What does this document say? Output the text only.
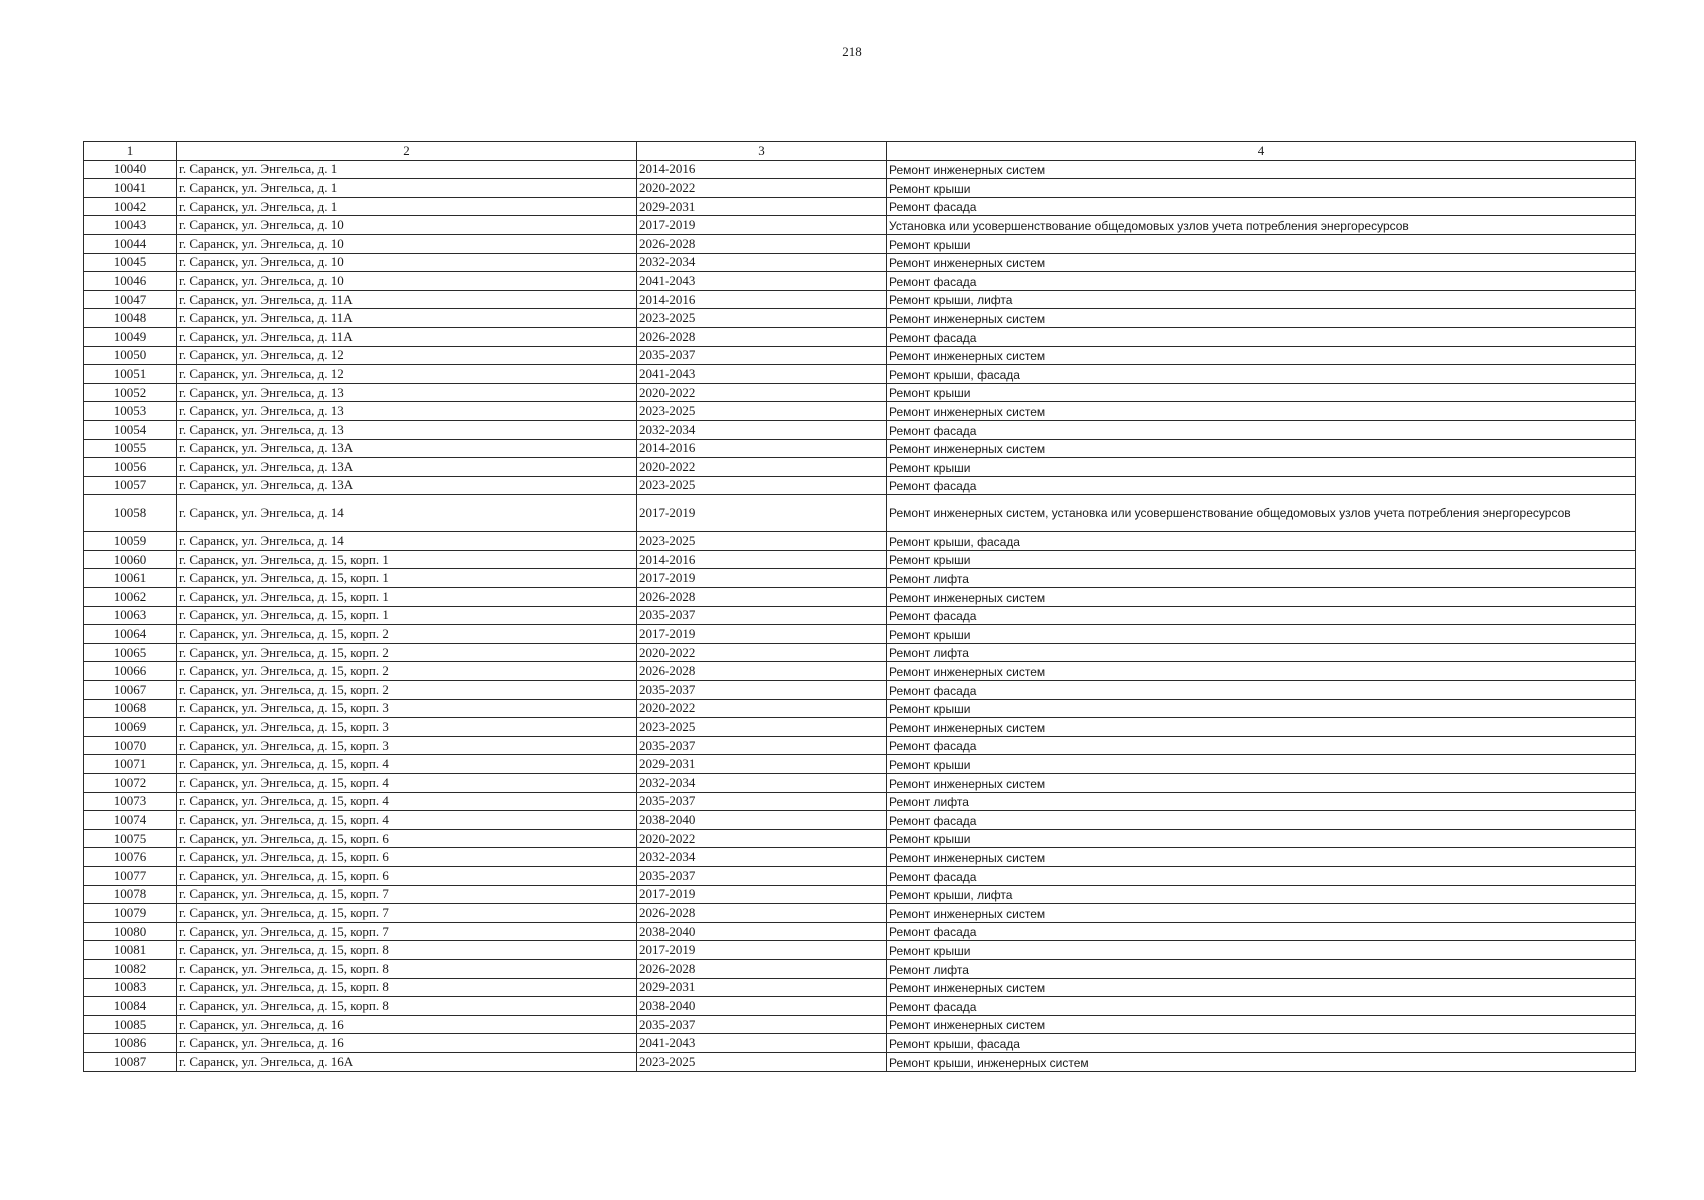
218
1	2	3	4
10040	г. Саранск, ул. Энгельса, д. 1	2014-2016	Ремонт инженерных систем
10041	г. Саранск, ул. Энгельса, д. 1	2020-2022	Ремонт крыши
10042	г. Саранск, ул. Энгельса, д. 1	2029-2031	Ремонт фасада
10043	г. Саранск, ул. Энгельса, д. 10	2017-2019	Установка или усовершенствование общедомовых узлов учета потребления энергоресурсов
10044	г. Саранск, ул. Энгельса, д. 10	2026-2028	Ремонт крыши
10045	г. Саранск, ул. Энгельса, д. 10	2032-2034	Ремонт инженерных систем
10046	г. Саранск, ул. Энгельса, д. 10	2041-2043	Ремонт фасада
10047	г. Саранск, ул. Энгельса, д. 11А	2014-2016	Ремонт крыши, лифта
10048	г. Саранск, ул. Энгельса, д. 11А	2023-2025	Ремонт инженерных систем
10049	г. Саранск, ул. Энгельса, д. 11А	2026-2028	Ремонт фасада
10050	г. Саранск, ул. Энгельса, д. 12	2035-2037	Ремонт инженерных систем
10051	г. Саранск, ул. Энгельса, д. 12	2041-2043	Ремонт крыши, фасада
10052	г. Саранск, ул. Энгельса, д. 13	2020-2022	Ремонт крыши
10053	г. Саранск, ул. Энгельса, д. 13	2023-2025	Ремонт инженерных систем
10054	г. Саранск, ул. Энгельса, д. 13	2032-2034	Ремонт фасада
10055	г. Саранск, ул. Энгельса, д. 13А	2014-2016	Ремонт инженерных систем
10056	г. Саранск, ул. Энгельса, д. 13А	2020-2022	Ремонт крыши
10057	г. Саранск, ул. Энгельса, д. 13А	2023-2025	Ремонт фасада
10058	г. Саранск, ул. Энгельса, д. 14	2017-2019	Ремонт инженерных систем, установка или усовершенствование общедомовых узлов учета потребления энергоресурсов
10059	г. Саранск, ул. Энгельса, д. 14	2023-2025	Ремонт крыши, фасада
10060	г. Саранск, ул. Энгельса, д. 15, корп. 1	2014-2016	Ремонт крыши
10061	г. Саранск, ул. Энгельса, д. 15, корп. 1	2017-2019	Ремонт лифта
10062	г. Саранск, ул. Энгельса, д. 15, корп. 1	2026-2028	Ремонт инженерных систем
10063	г. Саранск, ул. Энгельса, д. 15, корп. 1	2035-2037	Ремонт фасада
10064	г. Саранск, ул. Энгельса, д. 15, корп. 2	2017-2019	Ремонт крыши
10065	г. Саранск, ул. Энгельса, д. 15, корп. 2	2020-2022	Ремонт лифта
10066	г. Саранск, ул. Энгельса, д. 15, корп. 2	2026-2028	Ремонт инженерных систем
10067	г. Саранск, ул. Энгельса, д. 15, корп. 2	2035-2037	Ремонт фасада
10068	г. Саранск, ул. Энгельса, д. 15, корп. 3	2020-2022	Ремонт крыши
10069	г. Саранск, ул. Энгельса, д. 15, корп. 3	2023-2025	Ремонт инженерных систем
10070	г. Саранск, ул. Энгельса, д. 15, корп. 3	2035-2037	Ремонт фасада
10071	г. Саранск, ул. Энгельса, д. 15, корп. 4	2029-2031	Ремонт крыши
10072	г. Саранск, ул. Энгельса, д. 15, корп. 4	2032-2034	Ремонт инженерных систем
10073	г. Саранск, ул. Энгельса, д. 15, корп. 4	2035-2037	Ремонт лифта
10074	г. Саранск, ул. Энгельса, д. 15, корп. 4	2038-2040	Ремонт фасада
10075	г. Саранск, ул. Энгельса, д. 15, корп. 6	2020-2022	Ремонт крыши
10076	г. Саранск, ул. Энгельса, д. 15, корп. 6	2032-2034	Ремонт инженерных систем
10077	г. Саранск, ул. Энгельса, д. 15, корп. 6	2035-2037	Ремонт фасада
10078	г. Саранск, ул. Энгельса, д. 15, корп. 7	2017-2019	Ремонт крыши, лифта
10079	г. Саранск, ул. Энгельса, д. 15, корп. 7	2026-2028	Ремонт инженерных систем
10080	г. Саранск, ул. Энгельса, д. 15, корп. 7	2038-2040	Ремонт фасада
10081	г. Саранск, ул. Энгельса, д. 15, корп. 8	2017-2019	Ремонт крыши
10082	г. Саранск, ул. Энгельса, д. 15, корп. 8	2026-2028	Ремонт лифта
10083	г. Саранск, ул. Энгельса, д. 15, корп. 8	2029-2031	Ремонт инженерных систем
10084	г. Саранск, ул. Энгельса, д. 15, корп. 8	2038-2040	Ремонт фасада
10085	г. Саранск, ул. Энгельса, д. 16	2035-2037	Ремонт инженерных систем
10086	г. Саранск, ул. Энгельса, д. 16	2041-2043	Ремонт крыши, фасада
10087	г. Саранск, ул. Энгельса, д. 16А	2023-2025	Ремонт крыши, инженерных систем
